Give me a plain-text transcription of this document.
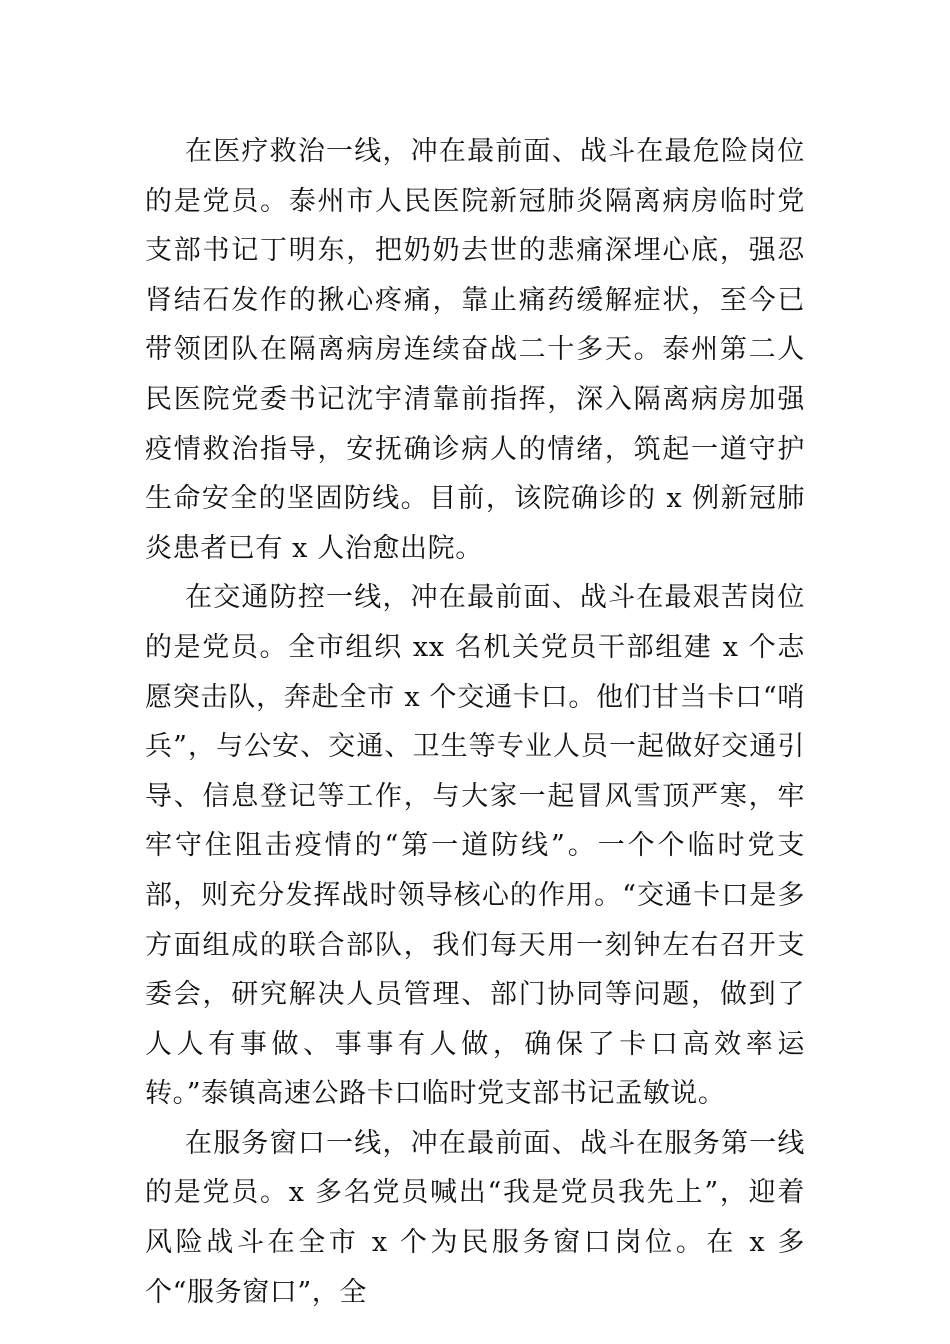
在医疗救治一线，冲在最前面、战斗在最危险岗位的是党员。泰州市人民医院新冠肺炎隔离病房临时党支部书记丁明东，把奶奶去世的悲痛深埋心底，强忍肾结石发作的揪心疼痛，靠止痛药缓解症状，至今已带领团队在隔离病房连续奋战二十多天。泰州第二人民医院党委书记沈宇清靠前指挥，深入隔离病房加强疫情救治指导，安抚确诊病人的情绪，筑起一道守护生命安全的坚固防线。目前，该院确诊的 x 例新冠肺炎患者已有 x 人治愈出院。

在交通防控一线，冲在最前面、战斗在最艰苦岗位的是党员。全市组织 xx 名机关党员干部组建 x 个志愿突击队，奔赴全市 x 个交通卡口。他们甘当卡口“哨兵”，与公安、交通、卫生等专业人员一起做好交通引导、信息登记等工作，与大家一起冒风雪顶严寒，牢牢守住阻击疫情的“第一道防线”。一个个临时党支部，则充分发挥战时领导核心的作用。“交通卡口是多方面组成的联合部队，我们每天用一刻钟左右召开支委会，研究解决人员管理、部门协同等问题，做到了人人有事做、事事有人做，确保了卡口高效率运转。”泰镇高速公路卡口临时党支部书记孟敏说。

在服务窗口一线，冲在最前面、战斗在服务第一线的是党员。x 多名党员喊出“我是党员我先上”，迎着风险战斗在全市 x 个为民服务窗口岗位。在 x 多个“服务窗口”，全
